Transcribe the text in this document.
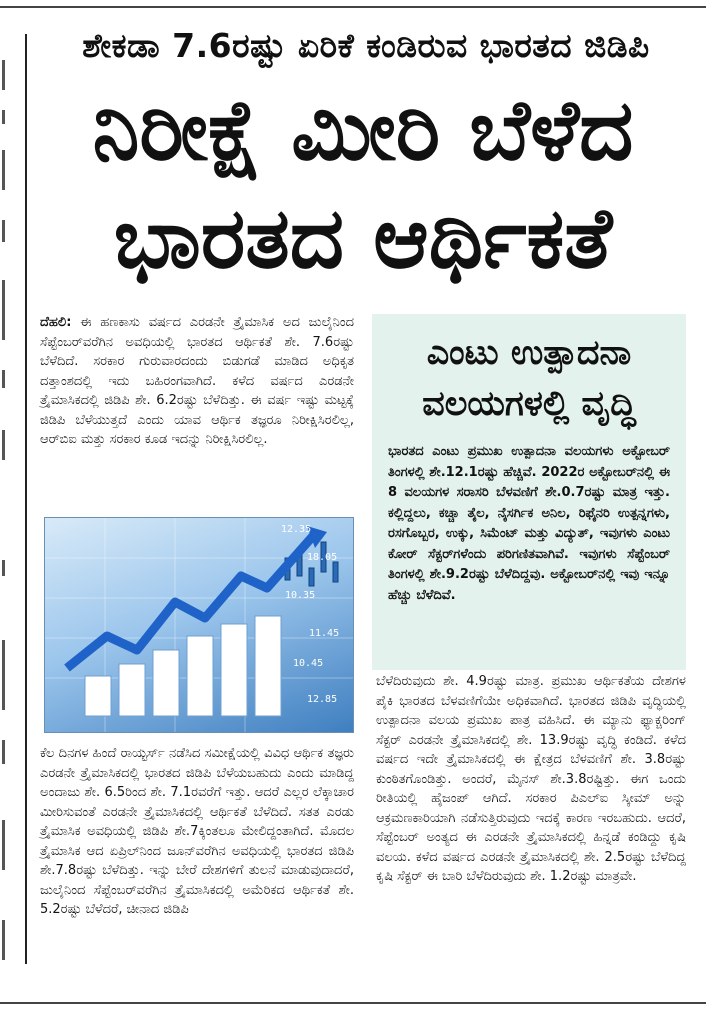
ಶೇಕಡಾ 7.6ರಷ್ಟು ಏರಿಕೆ ಕಂಡಿರುವ ಭಾರತದ ಜಿಡಿಪಿ
ನಿರೀಕ್ಷೆ ಮೀರಿ ಬೆಳೆದ
ಭಾರತದ ಆರ್ಥಿಕತೆ
ದೆಹಲಿ: ಈ ಹಣಕಾಸು ವರ್ಷದ ಎರಡನೇ ತ್ರೈಮಾಸಿಕ ಅದ ಜುಲೈನಿಂದ ಸೆಪ್ಟೆಂಬರ್‌ವರೆಗಿನ ಅವಧಿಯಲ್ಲಿ ಭಾರತದ ಆರ್ಥಿಕತೆ ಶೇ. 7.6ರಷ್ಟು ಬೆಳೆದಿದೆ. ಸರಕಾರ ಗುರುವಾರದಂದು ಬಿಡುಗಡೆ ಮಾಡಿದ ಅಧಿಕೃತ ದತ್ತಾಂಶದಲ್ಲಿ ಇದು ಬಹಿರಂಗವಾಗಿದೆ. ಕಳೆದ ವರ್ಷದ ಎರಡನೇ ತ್ರೈಮಾಸಿಕದಲ್ಲಿ ಜಿಡಿಪಿ ಶೇ. 6.2ರಷ್ಟು ಬೆಳೆದಿತ್ತು. ಈ ವರ್ಷ ಇಷ್ಟು ಮಟ್ಟಕ್ಕೆ ಜಿಡಿಪಿ ಬೆಳೆಯುತ್ತದೆ ಎಂದು ಯಾವ ಆರ್ಥಿಕ ತಜ್ಞರೂ ನಿರೀಕ್ಷಿಸಿರಲಿಲ್ಲ, ಆರ್‌ಬಿಐ ಮತ್ತು ಸರಕಾರ ಕೂಡ ಇದನ್ನು ನಿರೀಕ್ಷಿಸಿರಲಿಲ್ಲ.
12.35
18.05
10.35
11.45
10.45
12.85
ಕೆಲ ದಿನಗಳ ಹಿಂದೆ ರಾಯ್ಟರ್ಸ್ ನಡೆಸಿದ ಸಮೀಕ್ಷೆಯಲ್ಲಿ ವಿವಿಧ ಆರ್ಥಿಕ ತಜ್ಞರು ಎರಡನೇ ತ್ರೈಮಾಸಿಕದಲ್ಲಿ ಭಾರತದ ಜಿಡಿಪಿ ಬೆಳೆಯಬಹುದು ಎಂದು ಮಾಡಿದ್ದ ಅಂದಾಜು ಶೇ. 6.5ರಿಂದ ಶೇ. 7.1ರವರೆಗೆ ಇತ್ತು. ಆದರೆ ಎಲ್ಲರ ಲೆಕ್ಕಾಚಾರ ಮೀರಿಸುವಂತೆ ಎರಡನೇ ತ್ರೈಮಾಸಿಕದಲ್ಲಿ ಆರ್ಥಿಕತೆ ಬೆಳೆದಿದೆ. ಸತತ ಎರಡು ತ್ರೈಮಾಸಿಕ ಅವಧಿಯಲ್ಲಿ ಜಿಡಿಪಿ ಶೇ.7ಕ್ಕಿಂತಲೂ ಮೇಲಿದ್ದಂತಾಗಿದೆ. ಮೊದಲ ತ್ರೈಮಾಸಿಕ ಆದ ಏಪ್ರಿಲ್‌ನಿಂದ ಜೂನ್‌ವರೆಗಿನ ಅವಧಿಯಲ್ಲಿ ಭಾರತದ ಜಿಡಿಪಿ ಶೇ.7.8ರಷ್ಟು ಬೆಳೆದಿತ್ತು. ಇನ್ನು ಬೇರೆ ದೇಶಗಳಿಗೆ ತುಲನೆ ಮಾಡುವುದಾದರೆ, ಜುಲೈನಿಂದ ಸೆಪ್ಟೆಂಬರ್‌ವರೆಗಿನ ತ್ರೈಮಾಸಿಕದಲ್ಲಿ ಅಮೆರಿಕದ ಆರ್ಥಿಕತೆ ಶೇ. 5.2ರಷ್ಟು ಬೆಳೆದರೆ, ಚೀನಾದ ಜಿಡಿಪಿ
ಎಂಟು ಉತ್ಪಾದನಾ ವಲಯಗಳಲ್ಲಿ ವೃದ್ಧಿ
ಭಾರತದ ಎಂಟು ಪ್ರಮುಖ ಉತ್ಪಾದನಾ ವಲಯಗಳು ಅಕ್ಟೋಬರ್ ತಿಂಗಳಲ್ಲಿ ಶೇ.12.1ರಷ್ಟು ಹೆಚ್ಚಿವೆ. 2022ರ ಅಕ್ಟೋಬರ್‌ನಲ್ಲಿ ಈ 8 ವಲಯಗಳ ಸರಾಸರಿ ಬೆಳವಣಿಗೆ ಶೇ.0.7ರಷ್ಟು ಮಾತ್ರ ಇತ್ತು. ಕಲ್ಲಿದ್ದಲು, ಕಚ್ಚಾ ತೈಲ, ನೈಸರ್ಗಿಕ ಅನಿಲ, ರಿಫೈನರಿ ಉತ್ಪನ್ನಗಳು, ರಸಗೊಬ್ಬರ, ಉಕ್ಕು, ಸಿಮೆಂಟ್ ಮತ್ತು ವಿದ್ಯುತ್, ಇವುಗಳು ಎಂಟು ಕೋರ್ ಸೆಕ್ಟರ್‌ಗಳೆಂದು ಪರಿಗಣಿತವಾಗಿವೆ. ಇವುಗಳು ಸೆಪ್ಟೆಂಬರ್ ತಿಂಗಳಲ್ಲಿ ಶೇ.9.2ರಷ್ಟು ಬೆಳೆದಿದ್ದವು. ಅಕ್ಟೋಬರ್‌ನಲ್ಲಿ ಇವು ಇನ್ನೂ ಹೆಚ್ಚು ಬೆಳೆದಿವೆ.
ಬೆಳೆದಿರುವುದು ಶೇ. 4.9ರಷ್ಟು ಮಾತ್ರ. ಪ್ರಮುಖ ಆರ್ಥಿಕತೆಯ ದೇಶಗಳ ಪೈಕಿ ಭಾರತದ ಬೆಳವಣಿಗೆಯೇ ಅಧಿಕವಾಗಿದೆ. ಭಾರತದ ಜಿಡಿಪಿ ವೃದ್ಧಿಯಲ್ಲಿ ಉತ್ಪಾದನಾ ವಲಯ ಪ್ರಮುಖ ಪಾತ್ರ ವಹಿಸಿದೆ. ಈ ಮ್ಯಾನು ಫ್ಯಾಕ್ಚರಿಂಗ್ ಸೆಕ್ಟರ್ ಎರಡನೇ ತ್ರೈಮಾಸಿಕದಲ್ಲಿ ಶೇ. 13.9ರಷ್ಟು ವೃದ್ಧಿ ಕಂಡಿದೆ. ಕಳೆದ ವರ್ಷದ ಇದೇ ತ್ರೈಮಾಸಿಕದಲ್ಲಿ ಈ ಕ್ಷೇತ್ರದ ಬೆಳವಣಿಗೆ ಶೇ. 3.8ರಷ್ಟು ಕುಂಠಿತಗೊಂಡಿತ್ತು. ಅಂದರೆ, ಮೈನಸ್ ಶೇ.3.8ರಷ್ಟಿತ್ತು. ಈಗ ಒಂದು ರೀತಿಯಲ್ಲಿ ಹೈಜಂಪ್ ಆಗಿದೆ. ಸರಕಾರ ಪಿಎಲ್‌ಐ ಸ್ಕೀಮ್ ಅನ್ನು ಆಕ್ರಮಣಕಾರಿಯಾಗಿ ನಡೆಸುತ್ತಿರುವುದು ಇದಕ್ಕೆ ಕಾರಣ ಇರಬಹುದು. ಆದರೆ, ಸೆಪ್ಟೆಂಬರ್ ಅಂತ್ಯದ ಈ ಎರಡನೇ ತ್ರೈಮಾಸಿಕದಲ್ಲಿ ಹಿನ್ನಡೆ ಕಂಡಿದ್ದು ಕೃಷಿ ವಲಯ. ಕಳೆದ ವರ್ಷದ ಎರಡನೇ ತ್ರೈಮಾಸಿಕದಲ್ಲಿ ಶೇ. 2.5ರಷ್ಟು ಬೆಳೆದಿದ್ದ ಕೃಷಿ ಸೆಕ್ಟರ್ ಈ ಬಾರಿ ಬೆಳೆದಿರುವುದು ಶೇ. 1.2ರಷ್ಟು ಮಾತ್ರವೇ.
